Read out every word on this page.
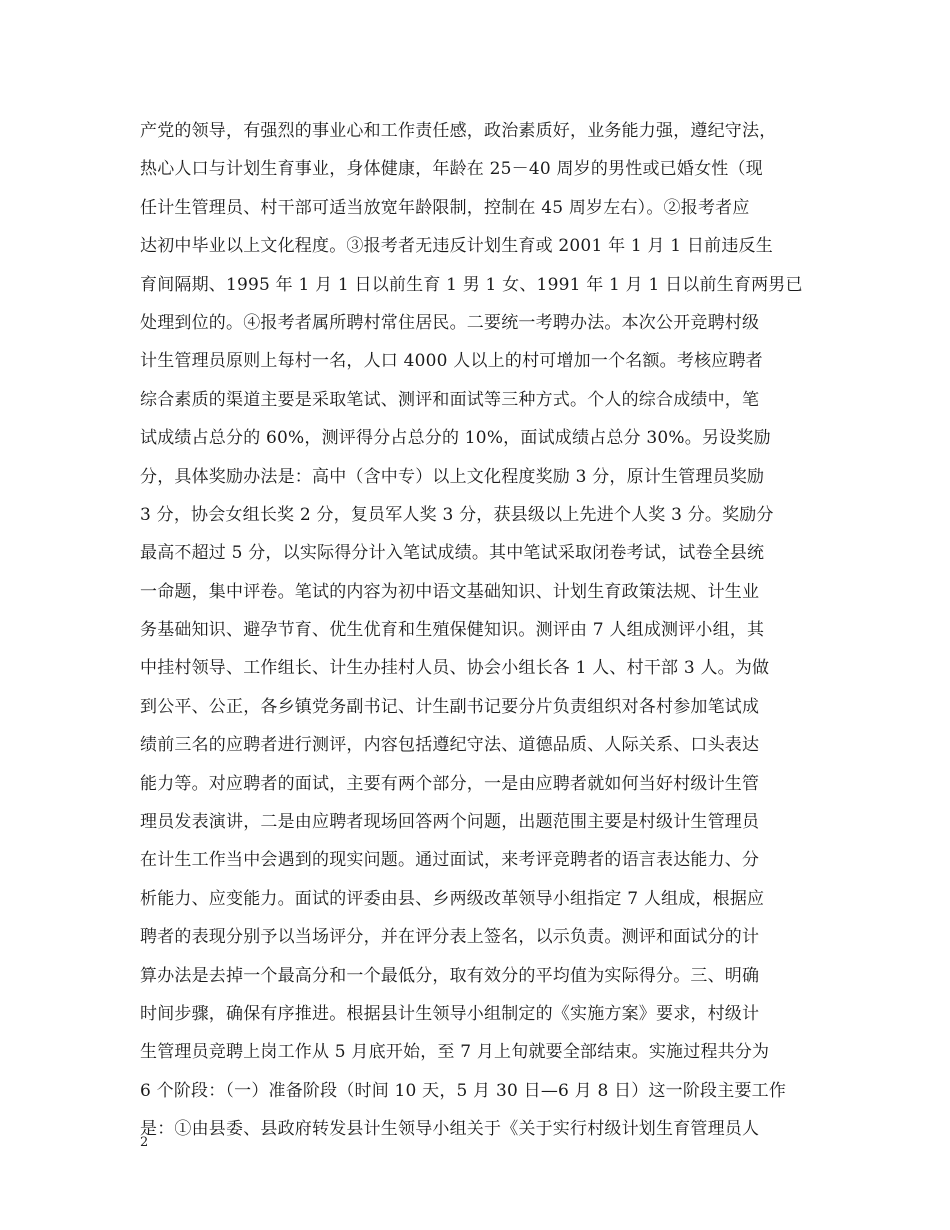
产党的领导，有强烈的事业心和工作责任感，政治素质好，业务能力强，遵纪守法，
热心人口与计划生育事业，身体健康，年龄在 25－40 周岁的男性或已婚女性（现
任计生管理员、村干部可适当放宽年龄限制，控制在 45 周岁左右）。②报考者应
达初中毕业以上文化程度。③报考者无违反计划生育或 2001 年 1 月 1 日前违反生
育间隔期、1995 年 1 月 1 日以前生育 1 男 1 女、1991 年 1 月 1 日以前生育两男已
处理到位的。④报考者属所聘村常住居民。二要统一考聘办法。本次公开竞聘村级
计生管理员原则上每村一名，人口 4000 人以上的村可增加一个名额。考核应聘者
综合素质的渠道主要是采取笔试、测评和面试等三种方式。个人的综合成绩中，笔
试成绩占总分的 60%，测评得分占总分的 10%，面试成绩占总分 30%。另设奖励
分，具体奖励办法是：高中（含中专）以上文化程度奖励 3 分，原计生管理员奖励
3 分，协会女组长奖 2 分，复员军人奖 3 分，获县级以上先进个人奖 3 分。奖励分
最高不超过 5 分，以实际得分计入笔试成绩。其中笔试采取闭卷考试，试卷全县统
一命题，集中评卷。笔试的内容为初中语文基础知识、计划生育政策法规、计生业
务基础知识、避孕节育、优生优育和生殖保健知识。测评由 7 人组成测评小组，其
中挂村领导、工作组长、计生办挂村人员、协会小组长各 1 人、村干部 3 人。为做
到公平、公正，各乡镇党务副书记、计生副书记要分片负责组织对各村参加笔试成
绩前三名的应聘者进行测评，内容包括遵纪守法、道德品质、人际关系、口头表达
能力等。对应聘者的面试，主要有两个部分，一是由应聘者就如何当好村级计生管
理员发表演讲，二是由应聘者现场回答两个问题，出题范围主要是村级计生管理员
在计生工作当中会遇到的现实问题。通过面试，来考评竞聘者的语言表达能力、分
析能力、应变能力。面试的评委由县、乡两级改革领导小组指定 7 人组成，根据应
聘者的表现分别予以当场评分，并在评分表上签名，以示负责。测评和面试分的计
算办法是去掉一个最高分和一个最低分，取有效分的平均值为实际得分。三、明确
时间步骤，确保有序推进。根据县计生领导小组制定的《实施方案》要求，村级计
生管理员竞聘上岗工作从 5 月底开始，至 7 月上旬就要全部结束。实施过程共分为
6 个阶段：（一）准备阶段（时间 10 天，5 月 30 日—6 月 8 日）这一阶段主要工作
是：①由县委、县政府转发县计生领导小组关于《关于实行村级计划生育管理员人
2
